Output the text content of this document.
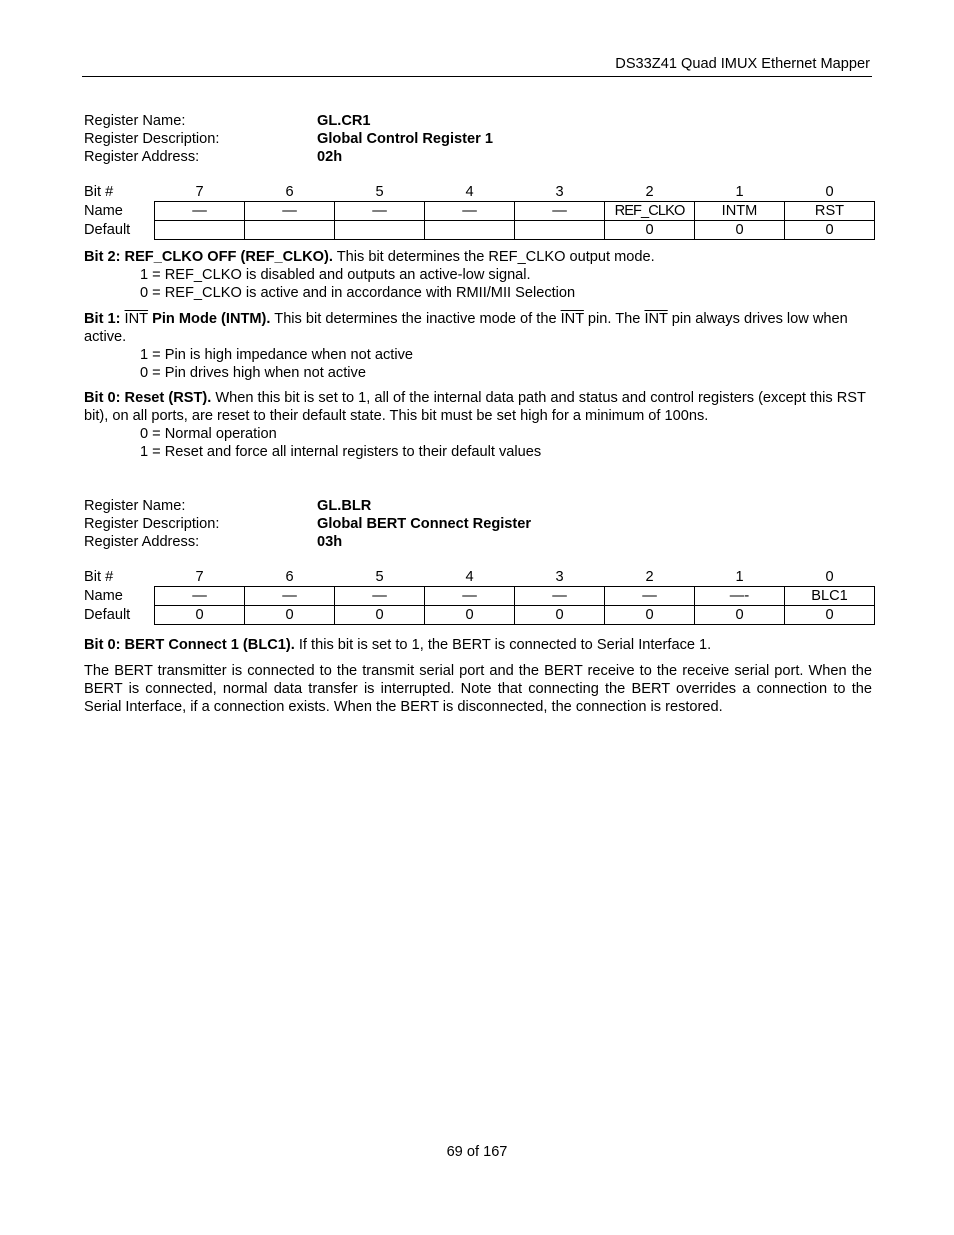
DS33Z41 Quad IMUX Ethernet Mapper
Register Name:	GL.CR1
Register Description:	Global Control Register 1
Register Address:	02h
Bit #	7	6	5	4	3	2	1	0
Name	—	—	—	—	—	REF_CLKO	INTM	RST
Default						0	0	0
Bit 2: REF_CLKO OFF (REF_CLKO). This bit determines the REF_CLKO output mode.
1 = REF_CLKO is disabled and outputs an active-low signal.
0 = REF_CLKO is active and in accordance with RMII/MII Selection
Bit 1: $\overline{INT}$ Pin Mode (INTM). This bit determines the inactive mode of the $\overline{INT}$ pin. The $\overline{INT}$ pin always drives low when active.
1 = Pin is high impedance when not active
0 = Pin drives high when not active
Bit 0: Reset (RST). When this bit is set to 1, all of the internal data path and status and control registers (except this RST bit), on all ports, are reset to their default state. This bit must be set high for a minimum of 100ns.
0 = Normal operation
1 = Reset and force all internal registers to their default values
Register Name:	GL.BLR
Register Description:	Global BERT Connect Register
Register Address:	03h
Bit #	7	6	5	4	3	2	1	0
Name	—	—	—	—	—	—	—-	BLC1
Default	0	0	0	0	0	0	0	0
Bit 0: BERT Connect 1 (BLC1). If this bit is set to 1, the BERT is connected to Serial Interface 1.
The BERT transmitter is connected to the transmit serial port and the BERT receive to the receive serial port. When the BERT is connected, normal data transfer is interrupted. Note that connecting the BERT overrides a connection to the Serial Interface, if a connection exists. When the BERT is disconnected, the connection is restored.
69 of 167
